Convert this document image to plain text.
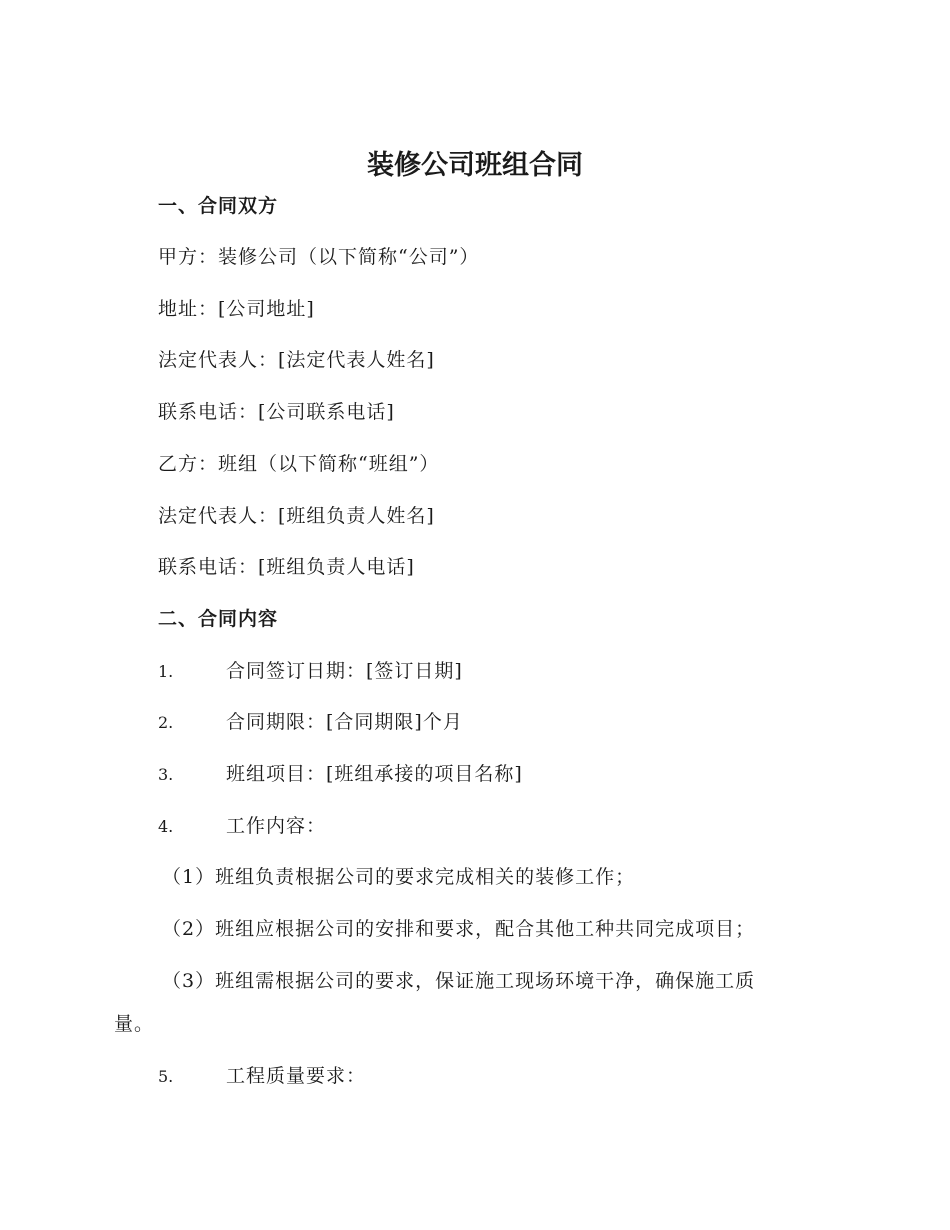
装修公司班组合同
一、合同双方
甲方：装修公司（以下简称“公司”）
地址：[公司地址]
法定代表人：[法定代表人姓名]
联系电话：[公司联系电话]
乙方：班组（以下简称“班组”）
法定代表人：[班组负责人姓名]
联系电话：[班组负责人电话]
二、合同内容
1.	合同签订日期：[签订日期]
2.	合同期限：[合同期限]个月
3.	班组项目：[班组承接的项目名称]
4.	工作内容：
（1）班组负责根据公司的要求完成相关的装修工作；
（2）班组应根据公司的安排和要求，配合其他工种共同完成项目；
（3）班组需根据公司的要求，保证施工现场环境干净，确保施工质
量。
5.	工程质量要求：
